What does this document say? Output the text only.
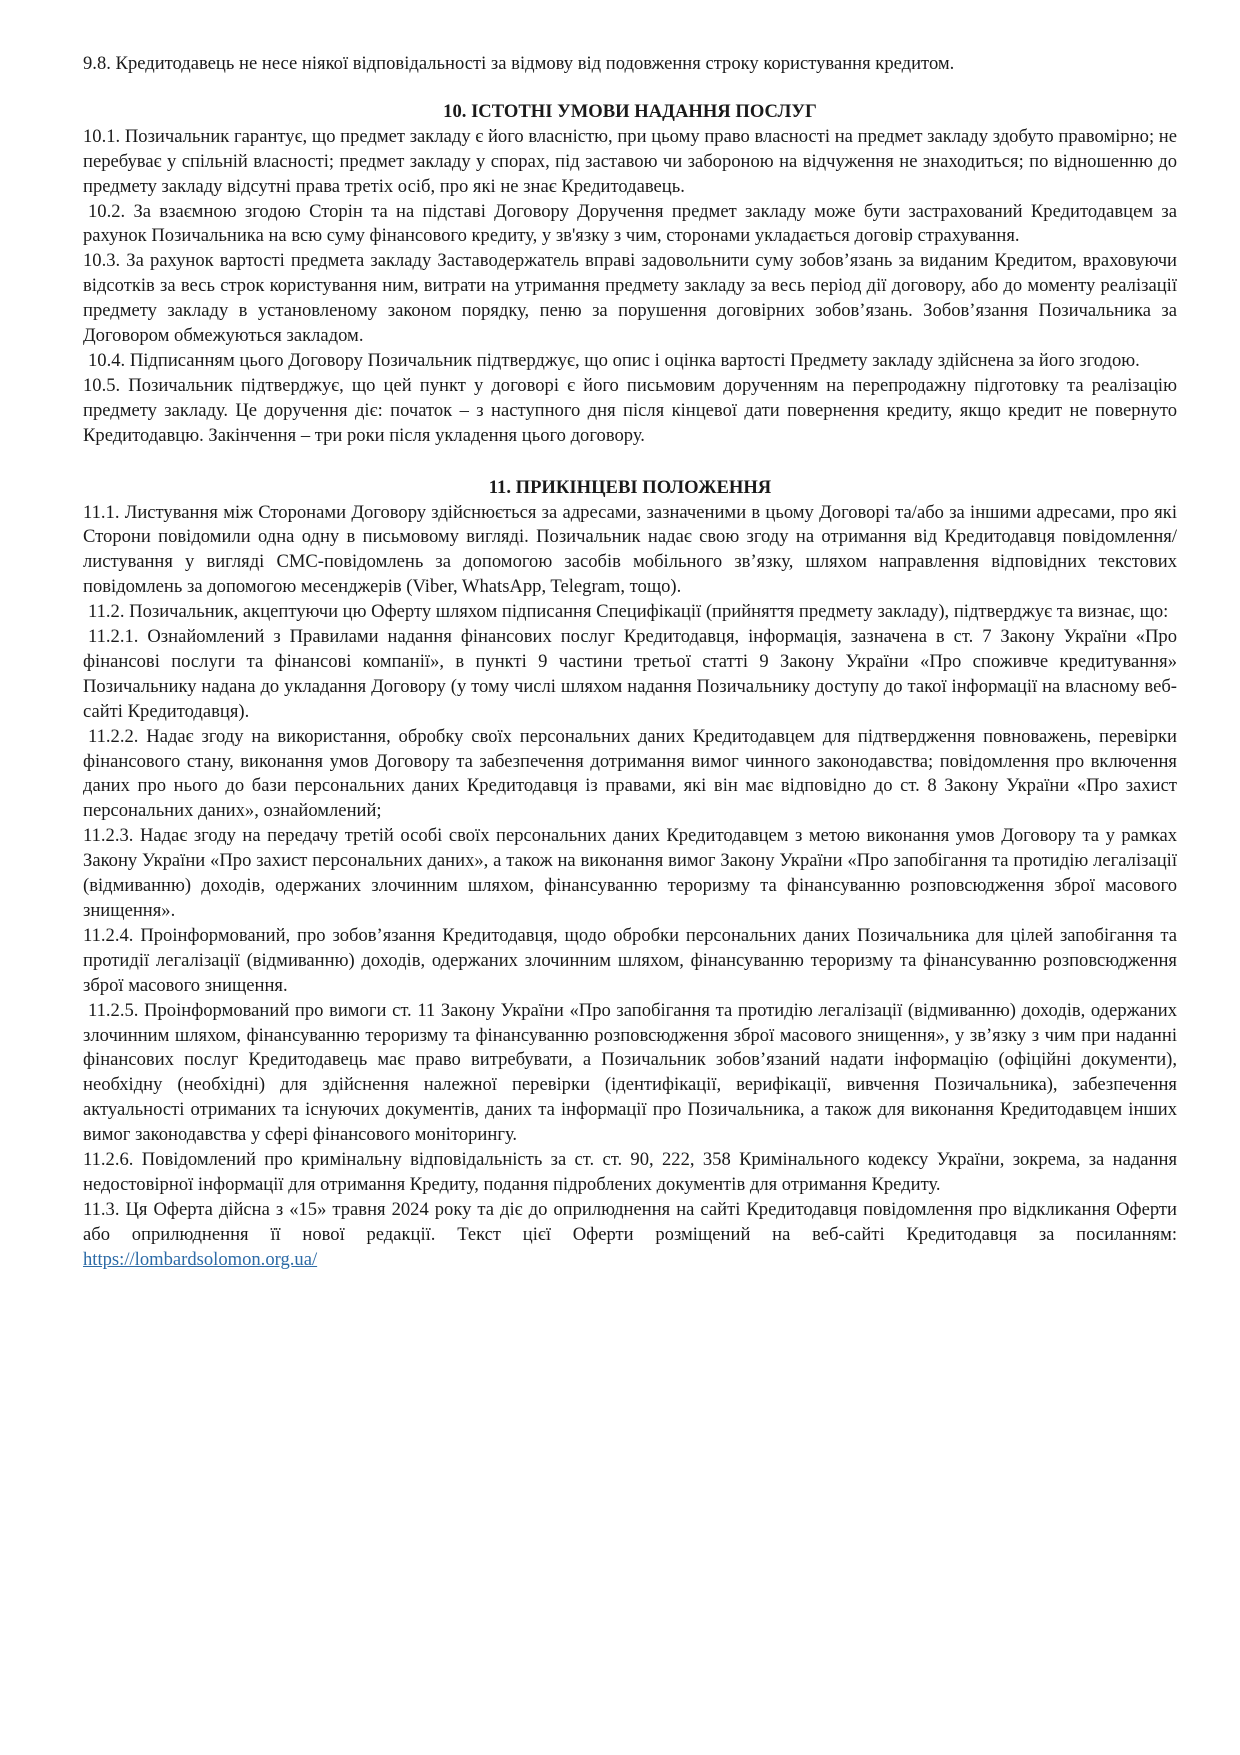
9.8. Кредитодавець не несе ніякої відповідальності за відмову від подовження строку користування кредитом.

10. ІСТОТНІ УМОВИ НАДАННЯ ПОСЛУГ

10.1. Позичальник гарантує, що предмет закладу є його власністю, при цьому право власності на предмет закладу здобуто правомірно; не перебуває у спільній власності; предмет закладу у спорах, під заставою чи забороною на відчуження не знаходиться; по відношенню до предмету закладу відсутні права третіх осіб, про які не знає Кредитодавець.

10.2. За взаємною згодою Сторін та на підставі Договору Доручення предмет закладу може бути застрахований Кредитодавцем за рахунок Позичальника на всю суму фінансового кредиту, у зв'язку з чим, сторонами укладається договір страхування.

10.3. За рахунок вартості предмета закладу Заставодержатель вправі задовольнити суму зобов’язань за виданим Кредитом, враховуючи відсотків за весь строк користування ним, витрати на утримання предмету закладу за весь період дії договору, або до моменту реалізації предмету закладу в установленому законом порядку, пеню за порушення договірних зобов’язань. Зобов’язання Позичальника за Договором обмежуються закладом.

10.4. Підписанням цього Договору Позичальник підтверджує, що опис і оцінка вартості Предмету закладу здійснена за його згодою.

10.5. Позичальник підтверджує, що цей пункт у договорі є його письмовим дорученням на перепродажну підготовку та реалізацію предмету закладу. Це доручення діє: початок – з наступного дня після кінцевої дати повернення кредиту, якщо кредит не повернуто Кредитодавцю. Закінчення – три роки після укладення цього договору.

11. ПРИКІНЦЕВІ ПОЛОЖЕННЯ

11.1. Листування між Сторонами Договору здійснюється за адресами, зазначеними в цьому Договорі та/або за іншими адресами, про які Сторони повідомили одна одну в письмовому вигляді. Позичальник надає свою згоду на отримання від Кредитодавця повідомлення/листування у вигляді СМС-повідомлень за допомогою засобів мобільного зв’язку, шляхом направлення відповідних текстових повідомлень за допомогою месенджерів (Viber, WhatsApp, Telegram, тощо).

11.2. Позичальник, акцептуючи цю Оферту шляхом підписання Специфікації (прийняття предмету закладу), підтверджує та визнає, що:

11.2.1. Ознайомлений з Правилами надання фінансових послуг Кредитодавця, інформація, зазначена в ст. 7 Закону України «Про фінансові послуги та фінансові компанії», в пункті 9 частини третьої статті 9 Закону України «Про споживче кредитування» Позичальнику надана до укладання Договору (у тому числі шляхом надання Позичальнику доступу до такої інформації на власному веб-сайті Кредитодавця).

11.2.2. Надає згоду на використання, обробку своїх персональних даних Кредитодавцем для підтвердження повноважень, перевірки фінансового стану, виконання умов Договору та забезпечення дотримання вимог чинного законодавства; повідомлення про включення даних про нього до бази персональних даних Кредитодавця із правами, які він має відповідно до ст. 8 Закону України «Про захист персональних даних», ознайомлений;

11.2.3. Надає згоду на передачу третій особі своїх персональних даних Кредитодавцем з метою виконання умов Договору та у рамках Закону України «Про захист персональних даних», а також на виконання вимог Закону України «Про запобігання та протидію легалізації (відмиванню) доходів, одержаних злочинним шляхом, фінансуванню тероризму та фінансуванню розповсюдження зброї масового знищення».

11.2.4. Проінформований, про зобов’язання Кредитодавця, щодо обробки персональних даних Позичальника для цілей запобігання та протидії легалізації (відмиванню) доходів, одержаних злочинним шляхом, фінансуванню тероризму та фінансуванню розповсюдження зброї масового знищення.

11.2.5. Проінформований про вимоги ст. 11 Закону України «Про запобігання та протидію легалізації (відмиванню) доходів, одержаних злочинним шляхом, фінансуванню тероризму та фінансуванню розповсюдження зброї масового знищення», у зв’язку з чим при наданні фінансових послуг Кредитодавець має право витребувати, а Позичальник зобов’язаний надати інформацію (офіційні документи), необхідну (необхідні) для здійснення належної перевірки (ідентифікації, верифікації, вивчення Позичальника), забезпечення актуальності отриманих та існуючих документів, даних та інформації про Позичальника, а також для виконання Кредитодавцем інших вимог законодавства у сфері фінансового моніторингу.

11.2.6. Повідомлений про кримінальну відповідальність за ст. ст. 90, 222, 358 Кримінального кодексу України, зокрема, за надання недостовірної інформації для отримання Кредиту, подання підроблених документів для отримання Кредиту.

11.3. Ця Оферта дійсна з «15» травня 2024 року та діє до оприлюднення на сайті Кредитодавця повідомлення про відкликання Оферти або оприлюднення її нової редакції. Текст цієї Оферти розміщений на веб-сайті Кредитодавця за посиланням: https://lombardsolomon.org.ua/
